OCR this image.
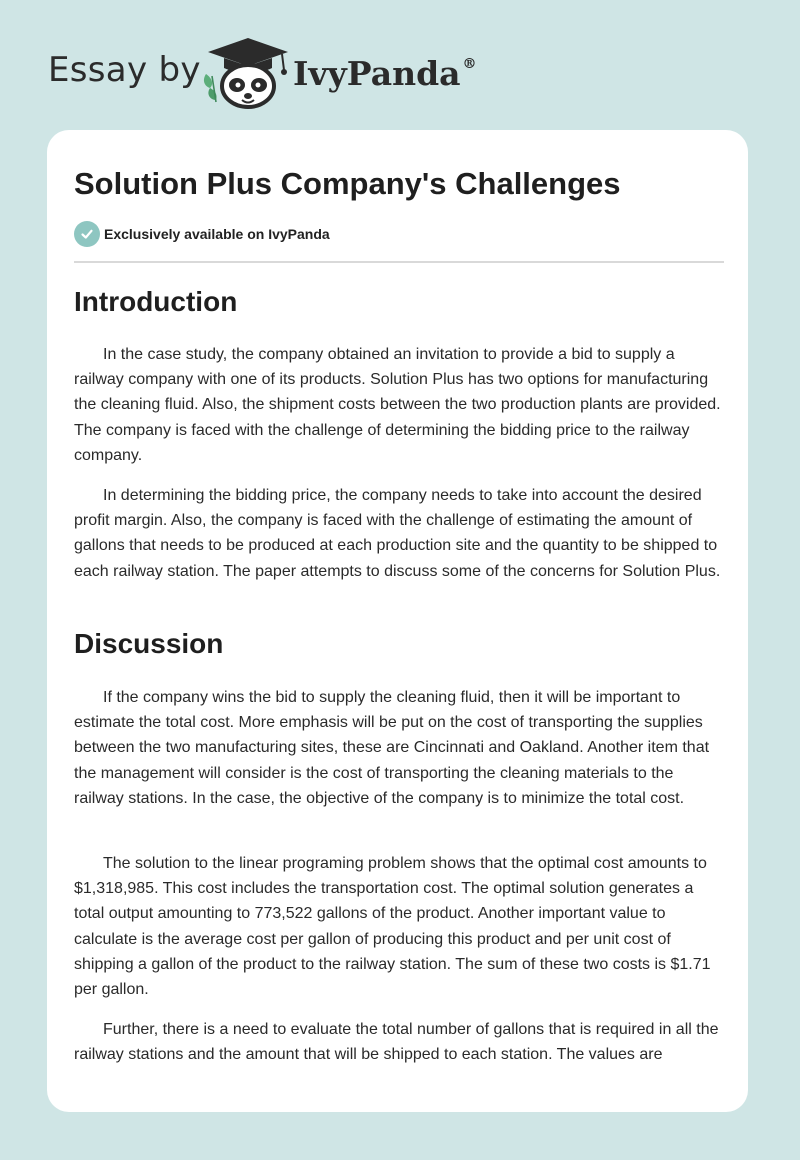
Essay by	IvyPanda ®
Solution Plus Company's Challenges
Exclusively available on IvyPanda
Introduction

In the case study, the company obtained an invitation to provide a bid to supply a railway company with one of its products. Solution Plus has two options for manufacturing the cleaning fluid. Also, the shipment costs between the two production plants are provided. The company is faced with the challenge of determining the bidding price to the railway company.

In determining the bidding price, the company needs to take into account the desired profit margin. Also, the company is faced with the challenge of estimating the amount of gallons that needs to be produced at each production site and the quantity to be shipped to each railway station. The paper attempts to discuss some of the concerns for Solution Plus.

Discussion

If the company wins the bid to supply the cleaning fluid, then it will be important to estimate the total cost. More emphasis will be put on the cost of transporting the supplies between the two manufacturing sites, these are Cincinnati and Oakland. Another item that the management will consider is the cost of transporting the cleaning materials to the railway stations. In the case, the objective of the company is to minimize the total cost.

The solution to the linear programing problem shows that the optimal cost amounts to $1,318,985. This cost includes the transportation cost. The optimal solution generates a total output amounting to 773,522 gallons of the product. Another important value to calculate is the average cost per gallon of producing this product and per unit cost of shipping a gallon of the product to the railway station. The sum of these two costs is $1.71 per gallon.

Further, there is a need to evaluate the total number of gallons that is required in all the railway stations and the amount that will be shipped to each station. The values are
